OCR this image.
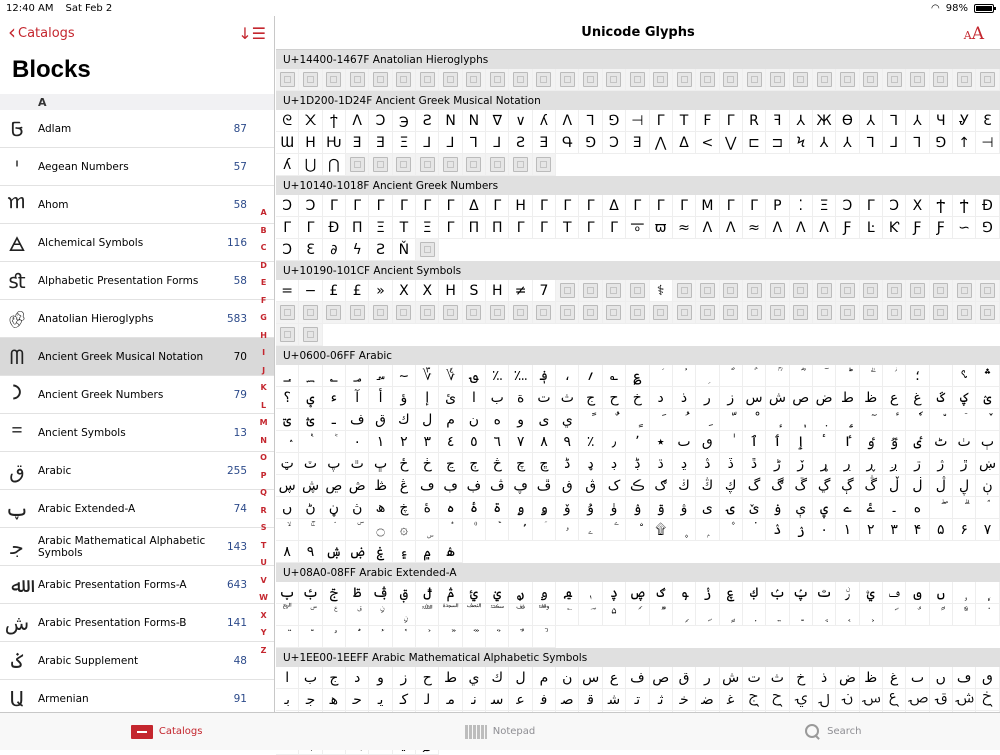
12:40 AM Sat Feb 2	◠ 98%
‹ Catalogs	↓☰
Blocks
A
𞤀	Adlam	87
𐄇	Aegean Numbers	57
𑜀	Ahom	58
🜁	Alchemical Symbols	116
ﬆ	Alphabetic Presentation Forms	58
𔐀	Anatolian Hieroglyphs	583
ᗰ	Ancient Greek Musical Notation	70
𐅀	Ancient Greek Numbers	79
𐆐	Ancient Symbols	13
ق	Arabic	255
ࢠ Arabic Extended-A	74
𞸢	Arabic Mathematical Alphabetic Symbols	143
ﷲ	Arabic Presentation Forms-A	643
ﺵ Arabic Presentation Forms-B	141
ݢ	Arabic Supplement	48
Ա	Armenian	91
A
B
C
D
E
F
G
H
I
J
K
L
M
N
O
P
Q
R
S
T
U
V
W
X
Y
Z
Unicode Glyphs	AA
U+14400-1467F Anatolian Hieroglyphs
U+1D200-1D24F Ancient Greek Musical Notation
ᘓ ᙭ ϯ	Ʌ Ͻ ℈	Ƨ N Ν ∇ ∨	ʎ	Ʌ	⅂	⅁ ⊣ Γ	Τ	F	Γ	R	ꟻ	⅄ Ж Ѳ ⅄	⅂	⅄	Ч Ꮍ Ɛ
Ɯ Н Ԋ Ǝ	Ǝ	Ξ	⅃	⅃	⅂	⅃	Ƨ	Ǝ Գ ⅁ Ɔ Ǝ ⋀ Δ < ⋁ ⊏ ⊐ Ϟ	⅄	⅄	⅂	⅃	⅂	⅁ ↑ ⊣
ʎ ⋃ ⋂
U+10140-1018F Ancient Greek Numbers
Ɔ Ɔ	Γ	Γ	Γ	Γ	Γ	Γ	Δ	Γ	Η	Γ	Γ	Γ	Δ	Γ	Γ	Γ Μ Γ	Γ	Ρ	⁚	Ξ	Ɔ	Γ	Ɔ Χ	Ϯ	Ϯ Ɖ
Γ	Γ	Ɖ Π Ξ	Τ	Ξ	Γ	Π Π	Γ	Γ	Τ	Γ	Γ 𐆊 ϖ ≈ Λ Λ ≈ Λ Λ Λ	Ƒ	Ŀ	Ƙ	Ƒ	Ƒ ∽ ⅁
Ɔ	Ɛ	∂	ϟ	Ƨ Ň
U+10190-101CF Ancient Symbols
= − £	£	»	Ⅹ Ⅹ H S H ≠ 7	⚕
U+0600-06FF Arabic
؀	؁	؂	؃	؄	؅	؆	؇	؈ ؉ ؊ ؋	،	؍	؎	؏	؛	؝	؞
؟	ؠ	ء	آ	أ	ؤ	إ	ئ	ا	ب ة ت ث ج	ح	خ	د	ذ	ر	ز س ش ص ض ط ظ ع	غ	ػ	ؼ	ؽ
ؾ	ؿ	ـ	ف ق ك ل م ن	ه	و	ى ي
٠	١	٢	٣	٤	٥	٦	٧	٨	٩	٪	٫	٬	٭ ٮ ٯ	ٱ	ٲ	ٳ	ٴ	ٵ	ٶ	ٷ	ٸ ٹ ٺ ٻ
ټ ٽ پ ٿ ڀ ځ	ڂ	ڃ	ڄ	څ	چ	ڇ	ڈ	ډ	ڊ	ڋ	ڌ	ڍ	ڎ	ڏ	ڐ	ڑ	ڒ	ړ	ڔ	ڕ	ږ	ڗ	ژ	ڙ ښ
ڛ ڜ ڝ ڞ ڟ ڠ ڡ ڢ ڣ ڤ ڥ ڦ ڧ ڨ ک ڪ ګ ڬ ڭ ڮ گ ڰ ڱ ڲ ڳ ڴ ڵ ڶ ڷ ڸ ڹ
ں ڻ ڼ ڽ ھ ڿ	ۀ	ہ	ۂ	ۃ	ۄ	ۅ	ۆ	ۇ	ۈ	ۉ	ۊ	ۋ	ی ۍ ێ ۏ ې ۑ	ے	ۓ	۔	ە
۝	۞	ۥ	ۦ	۩	ۮ	ۯ	۰	۱	۲	۳	۴	۵	۶	۷
۸	۹ ۺ ۻ ۼ	۽	۾	ۿ
U+08A0-08FF Arabic Extended-A
ࢠ ࢡ ࢢ	ࢣ ࢤ ࢥ	ࢦ	ࢧ	ࢨ	ࢩ	ࢪ	ࢫ	ࢬ	ࢭ	ࢮ ࢯ ࢰ	ࢱ	ࢲ	ࢳ	ࢴ ࢶ ࢷ ࢸ ࢹ	ࢺ ࢻ ࢼ	ࢽ
࣢
U+1EE00-1EEFF Arabic Mathematical Alphabetic Symbols
𞸀	𞸁 𞸂	𞸃	𞸅	𞸆	𞸇 𞸈 𞸉 𞸊 𞸋 𞸌 𞸍 𞸎 𞸏 𞸐 𞸑 𞸒	𞸓 𞸔 𞸕 𞸖 𞸗	𞸘 𞸙 𞸚 𞸛 𞸜 𞸝 𞸞 𞸟
𞸡	𞸢	𞸤	𞸧	𞸩	𞸪	𞸫	𞸬	𞸭	𞸮 𞸯	𞸰 𞸱 𞸲 𞸴	𞸵	𞸶	𞸷 𞸹 𞸻	𞹂 𞹇 𞹉 𞹋 𞹍 𞹎 𞹏 𞹑 𞹒 𞹔 𞹗
Catalogs	Notepad	Search
